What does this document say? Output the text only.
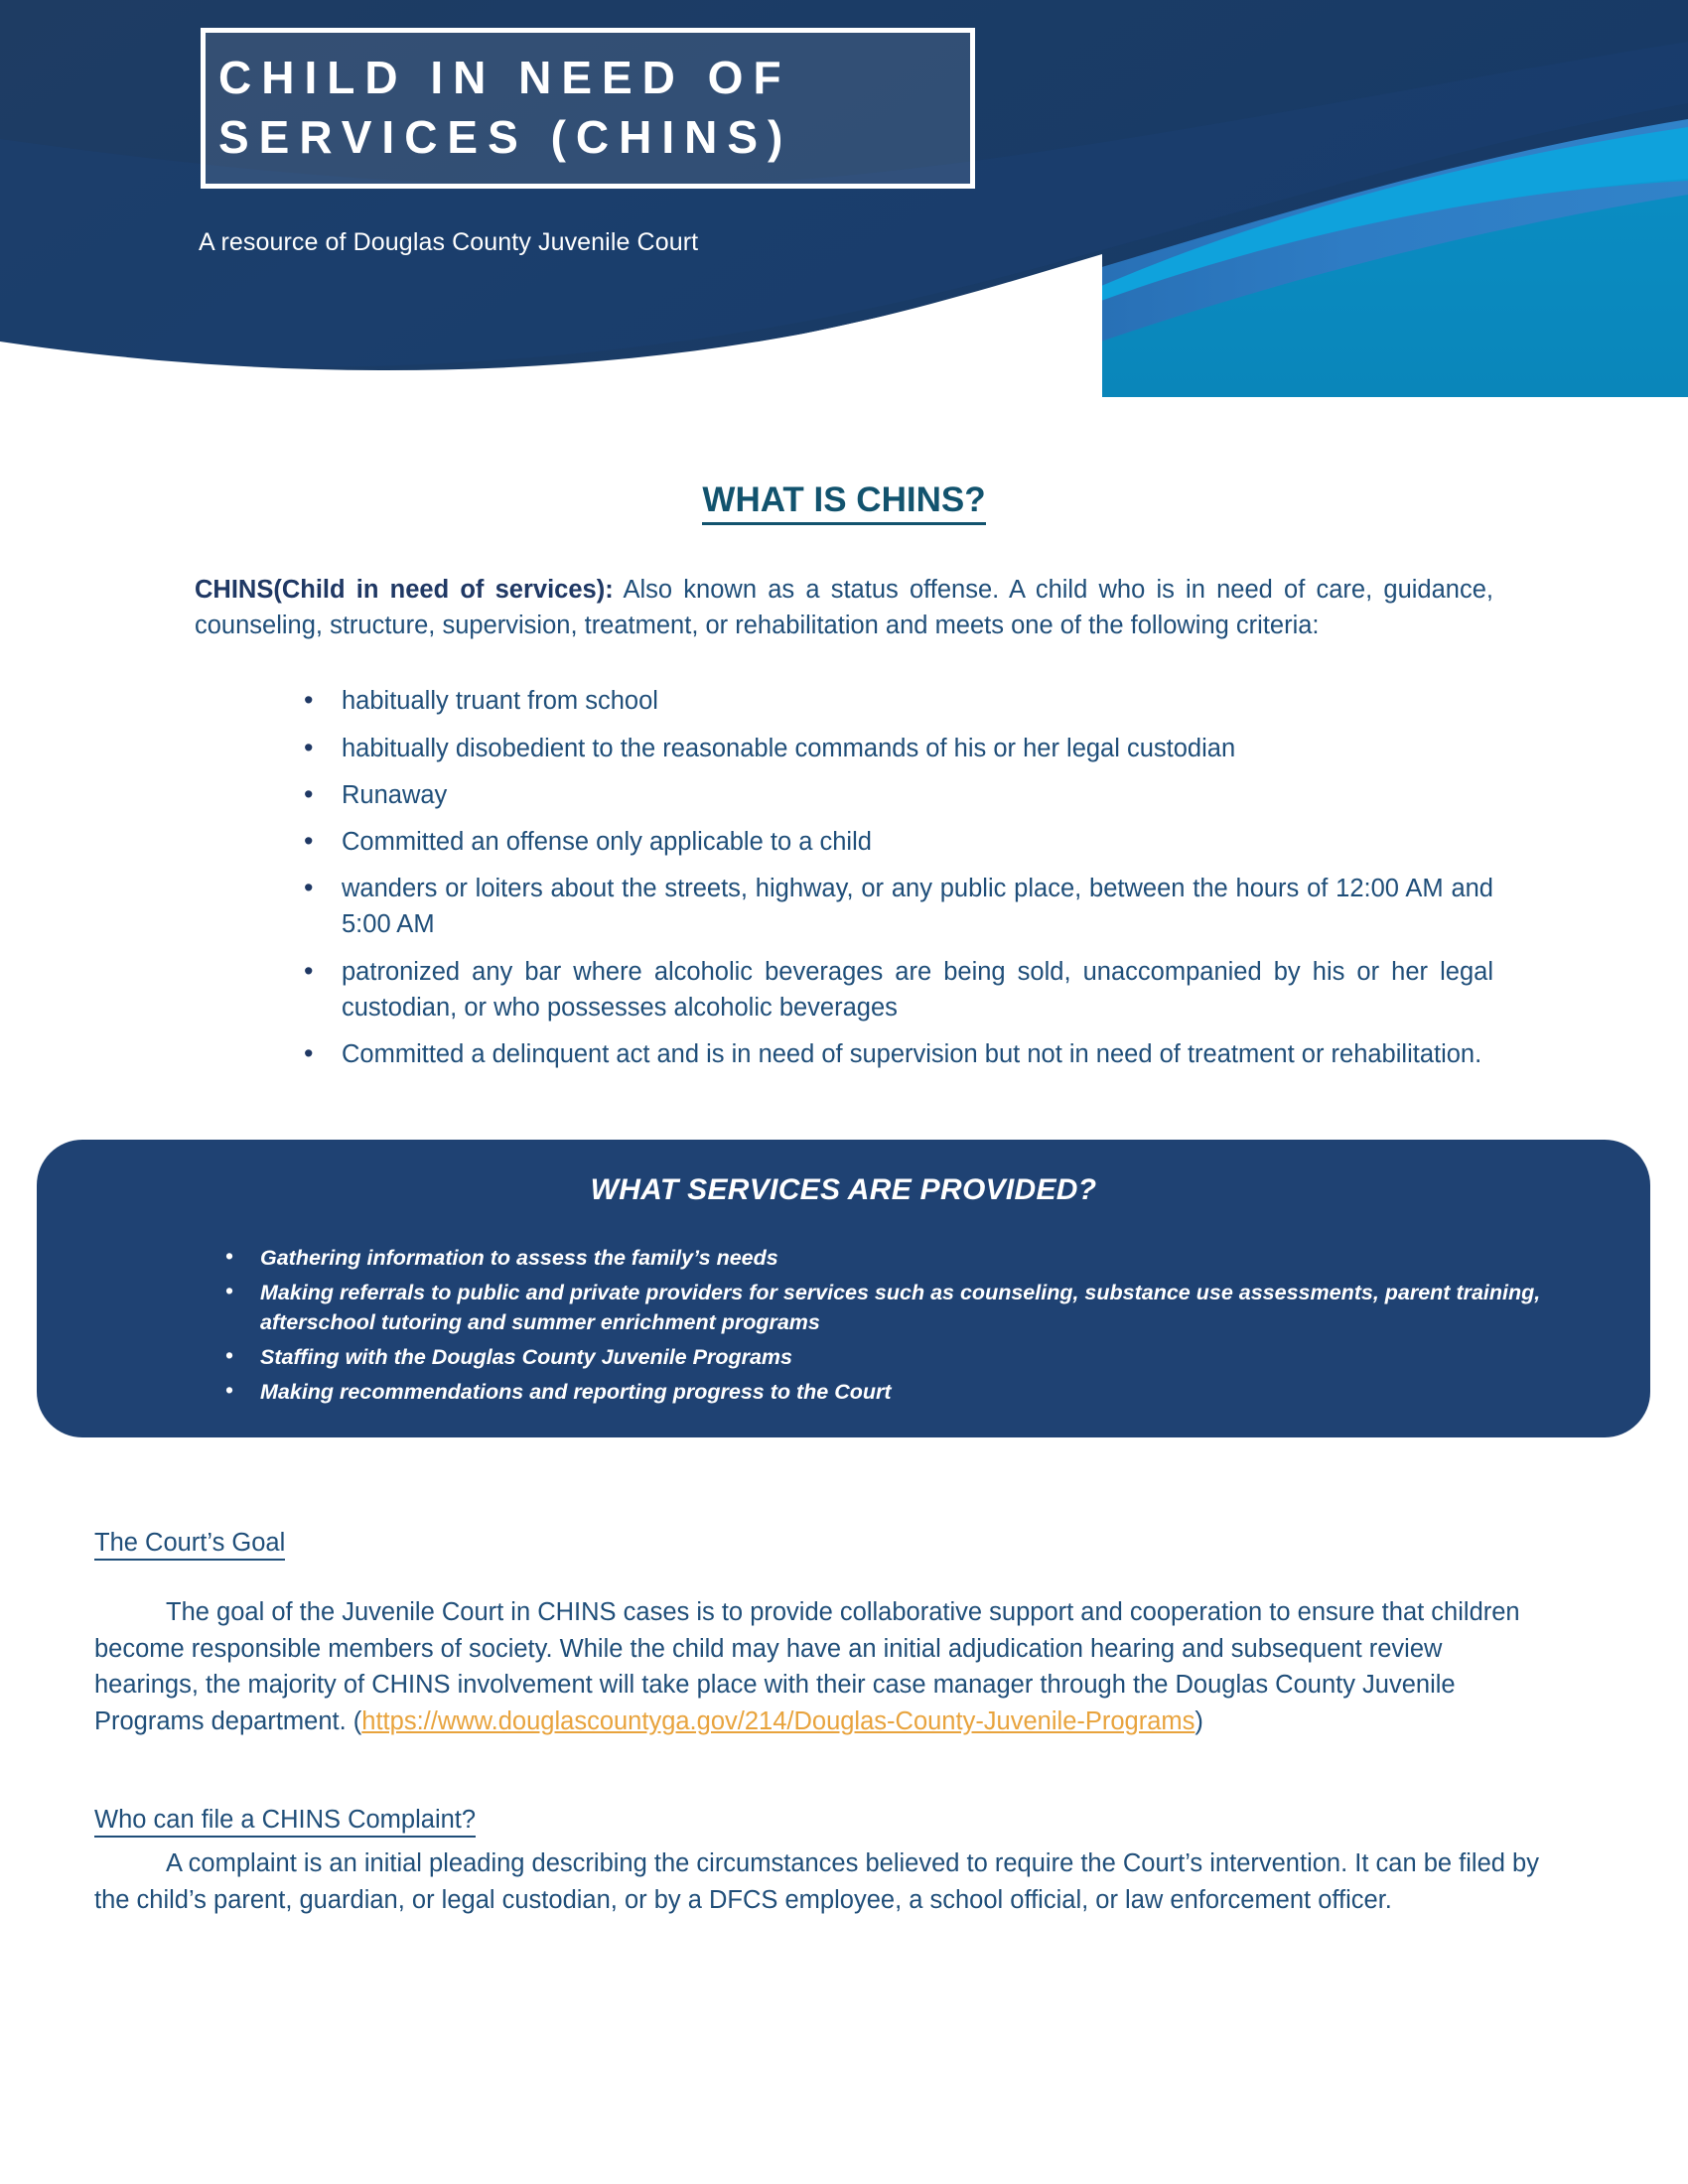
CHILD IN NEED OF
SERVICES (CHINS)
A resource of Douglas County Juvenile Court
WHAT IS CHINS?

CHINS(Child in need of services): Also known as a status offense. A child who is in need of care, guidance, counseling, structure, supervision, treatment, or rehabilitation and meets one of the following criteria:

• habitually truant from school
• habitually disobedient to the reasonable commands of his or her legal custodian
• Runaway
• Committed an offense only applicable to a child
• wanders or loiters about the streets, highway, or any public place, between the hours of 12:00 AM and 5:00 AM
• patronized any bar where alcoholic beverages are being sold, unaccompanied by his or her legal custodian, or who possesses alcoholic beverages
• Committed a delinquent act and is in need of supervision but not in need of treatment or rehabilitation.
WHAT SERVICES ARE PROVIDED?
• Gathering information to assess the family’s needs
• Making referrals to public and private providers for services such as counseling, substance use assessments, parent training, afterschool tutoring and summer enrichment programs
• Staffing with the Douglas County Juvenile Programs
• Making recommendations and reporting progress to the Court
The Court’s Goal

The goal of the Juvenile Court in CHINS cases is to provide collaborative support and cooperation to ensure that children become responsible members of society. While the child may have an initial adjudication hearing and subsequent review hearings, the majority of CHINS involvement will take place with their case manager through the Douglas County Juvenile Programs department. (https://www.douglascountyga.gov/214/Douglas-County-Juvenile-Programs)

Who can file a CHINS Complaint?

A complaint is an initial pleading describing the circumstances believed to require the Court’s intervention. It can be filed by the child’s parent, guardian, or legal custodian, or by a DFCS employee, a school official, or law enforcement officer.
